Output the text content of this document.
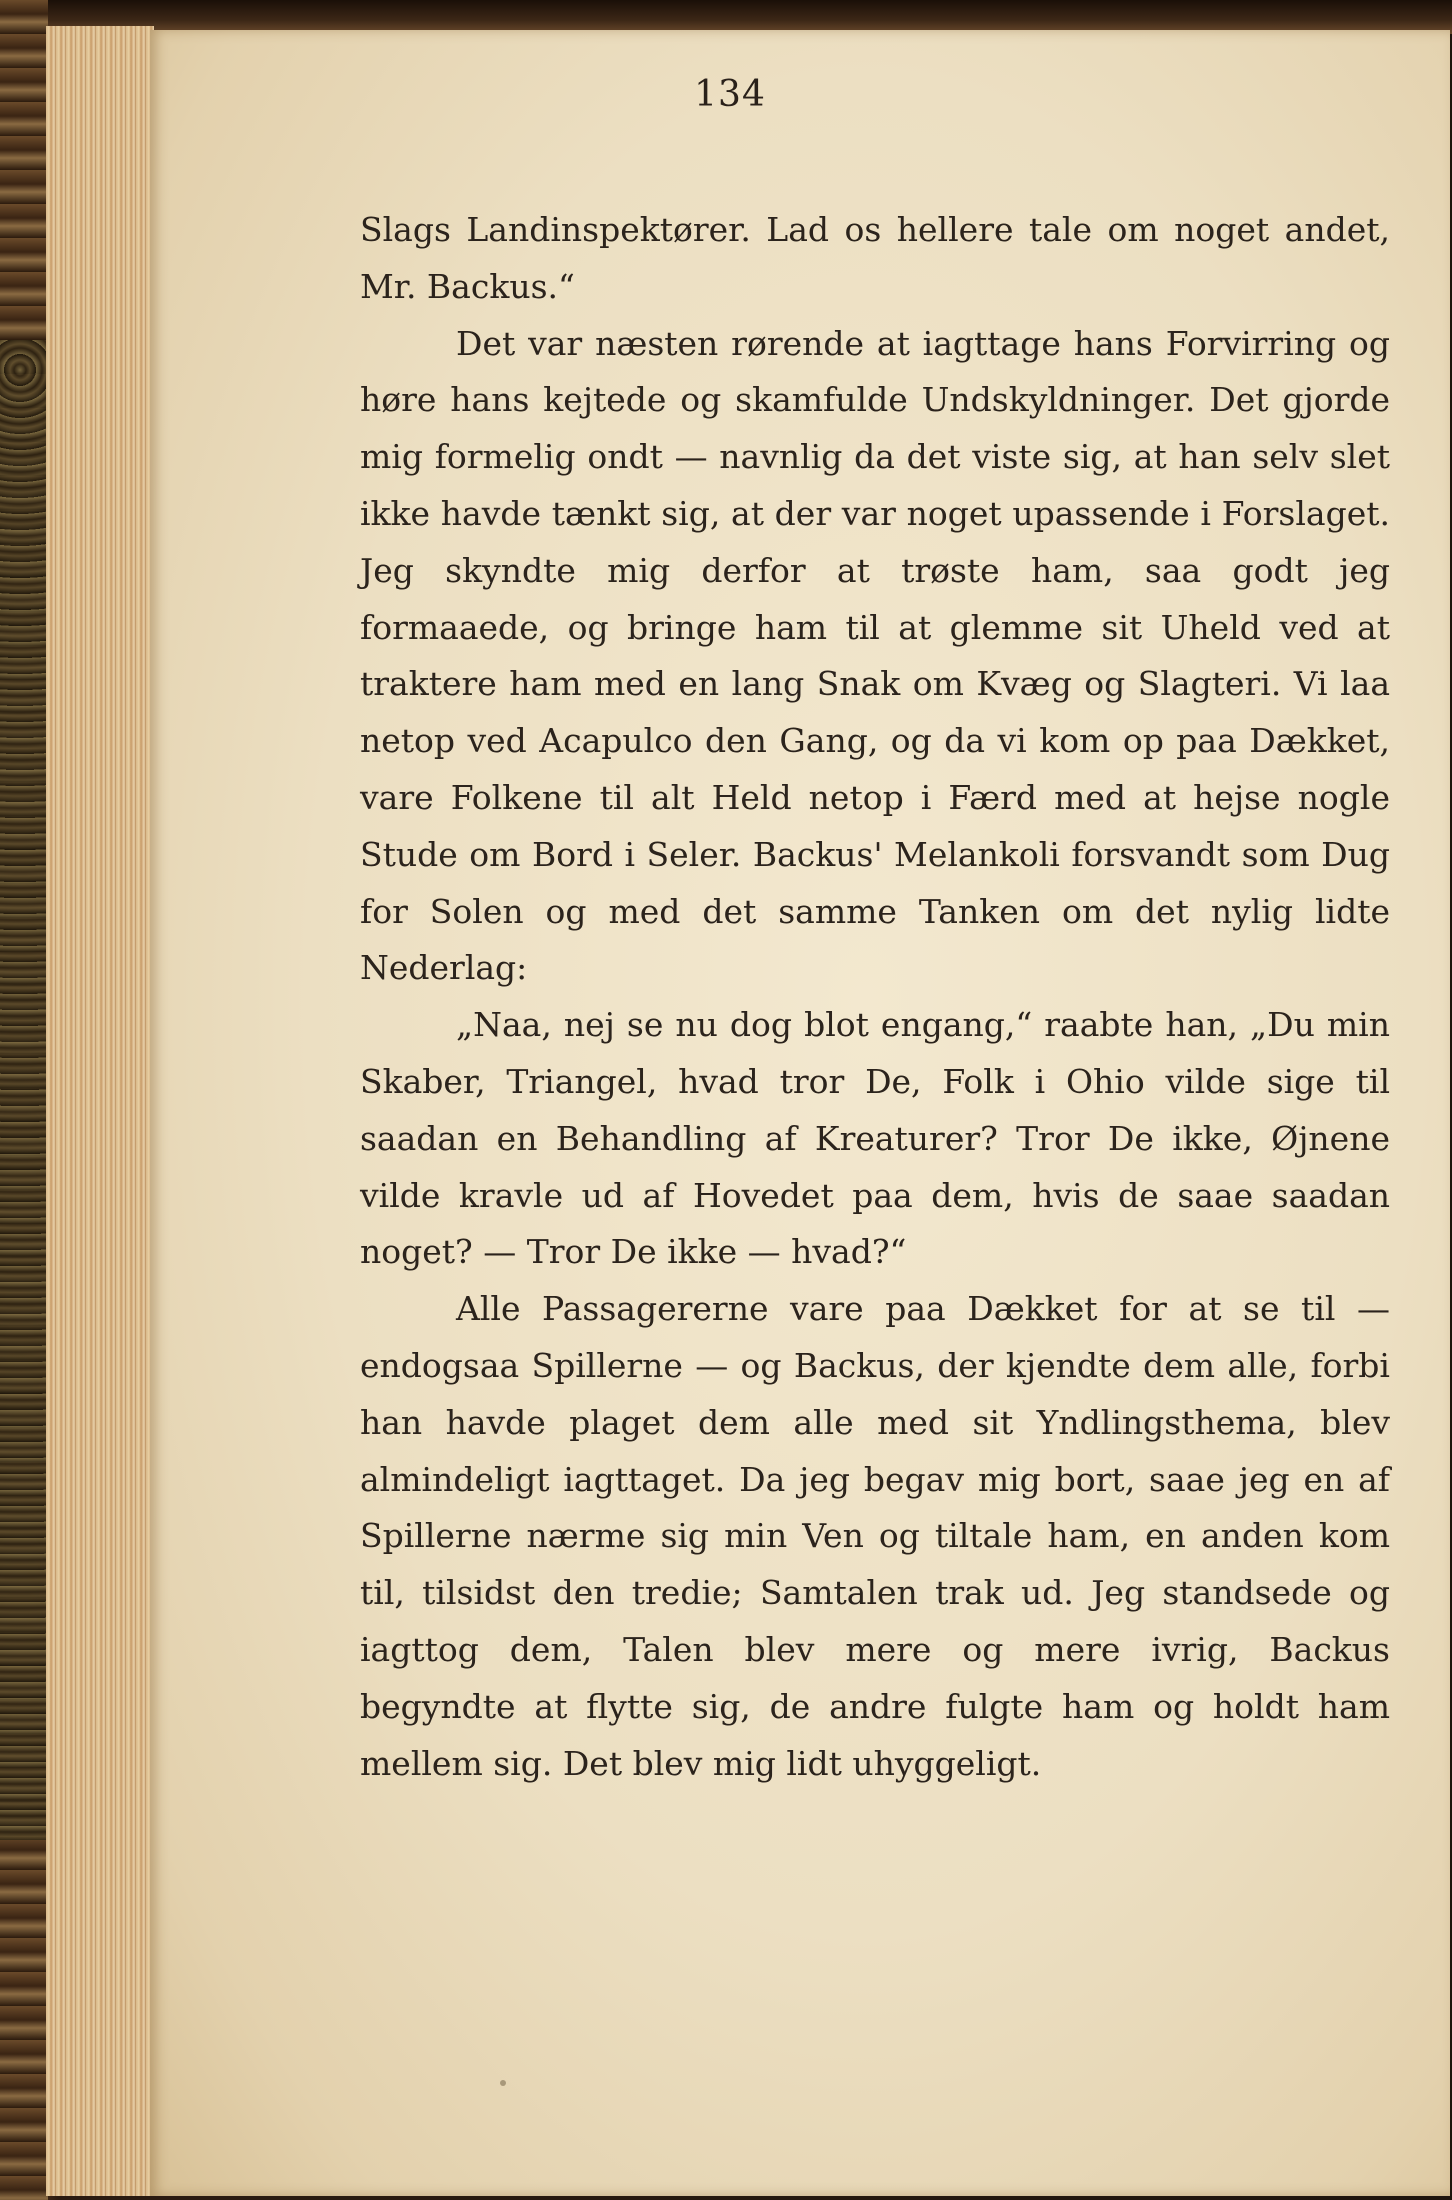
134

Slags Landinspektører. Lad os hellere tale om noget andet, Mr. Backus.“

Det var næsten rørende at iagttage hans Forvirring og høre hans kejtede og skamfulde Undskyldninger. Det gjorde mig formelig ondt — navnlig da det viste sig, at han selv slet ikke havde tænkt sig, at der var noget upassende i Forslaget. Jeg skyndte mig derfor at trøste ham, saa godt jeg formaaede, og bringe ham til at glemme sit Uheld ved at traktere ham med en lang Snak om Kvæg og Slagteri. Vi laa netop ved Acapulco den Gang, og da vi kom op paa Dækket, vare Folkene til alt Held netop i Færd med at hejse nogle Stude om Bord i Seler. Backus' Melankoli forsvandt som Dug for Solen og med det samme Tanken om det nylig lidte Nederlag:

„Naa, nej se nu dog blot engang,“ raabte han, „Du min Skaber, Triangel, hvad tror De, Folk i Ohio vilde sige til saadan en Behandling af Kreaturer? Tror De ikke, Øjnene vilde kravle ud af Hovedet paa dem, hvis de saae saadan noget? — Tror De ikke — hvad?“

Alle Passagererne vare paa Dækket for at se til — endogsaa Spillerne — og Backus, der kjendte dem alle, forbi han havde plaget dem alle med sit Yndlingsthema, blev almindeligt iagttaget. Da jeg begav mig bort, saae jeg en af Spillerne nærme sig min Ven og tiltale ham, en anden kom til, tilsidst den tredie; Samtalen trak ud. Jeg standsede og iagttog dem, Talen blev mere og mere ivrig, Backus begyndte at flytte sig, de andre fulgte ham og holdt ham mellem sig. Det blev mig lidt uhyggeligt.
